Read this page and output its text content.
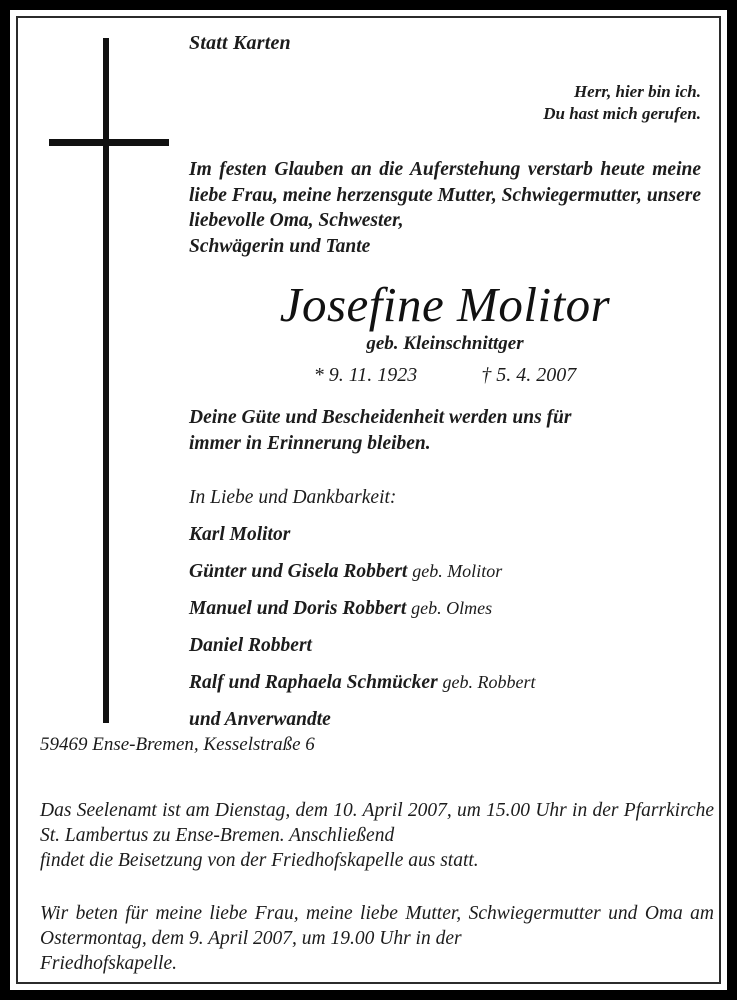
Statt Karten
Herr, hier bin ich.
Du hast mich gerufen.
Im festen Glauben an die Auferstehung verstarb heute meine liebe Frau, meine herzensgute Mutter, Schwiegermutter, unsere liebevolle Oma, Schwester,
Schwägerin und Tante
Josefine Molitor
geb. Kleinschnittger
* 9. 11. 1923	† 5. 4. 2007
Deine Güte und Bescheidenheit werden uns für
immer in Erinnerung bleiben.
In Liebe und Dankbarkeit:
Karl Molitor
Günter und Gisela Robbert geb. Molitor
Manuel und Doris Robbert geb. Olmes
Daniel Robbert
Ralf und Raphaela Schmücker geb. Robbert
und Anverwandte
59469 Ense-Bremen, Kesselstraße 6
Das Seelenamt ist am Dienstag, dem 10. April 2007, um 15.00 Uhr in der Pfarrkirche St. Lambertus zu Ense-Bremen. Anschließend
findet die Beisetzung von der Friedhofskapelle aus statt.
Wir beten für meine liebe Frau, meine liebe Mutter, Schwiegermutter und Oma am Ostermontag, dem 9. April 2007, um 19.00 Uhr in der
Friedhofskapelle.
